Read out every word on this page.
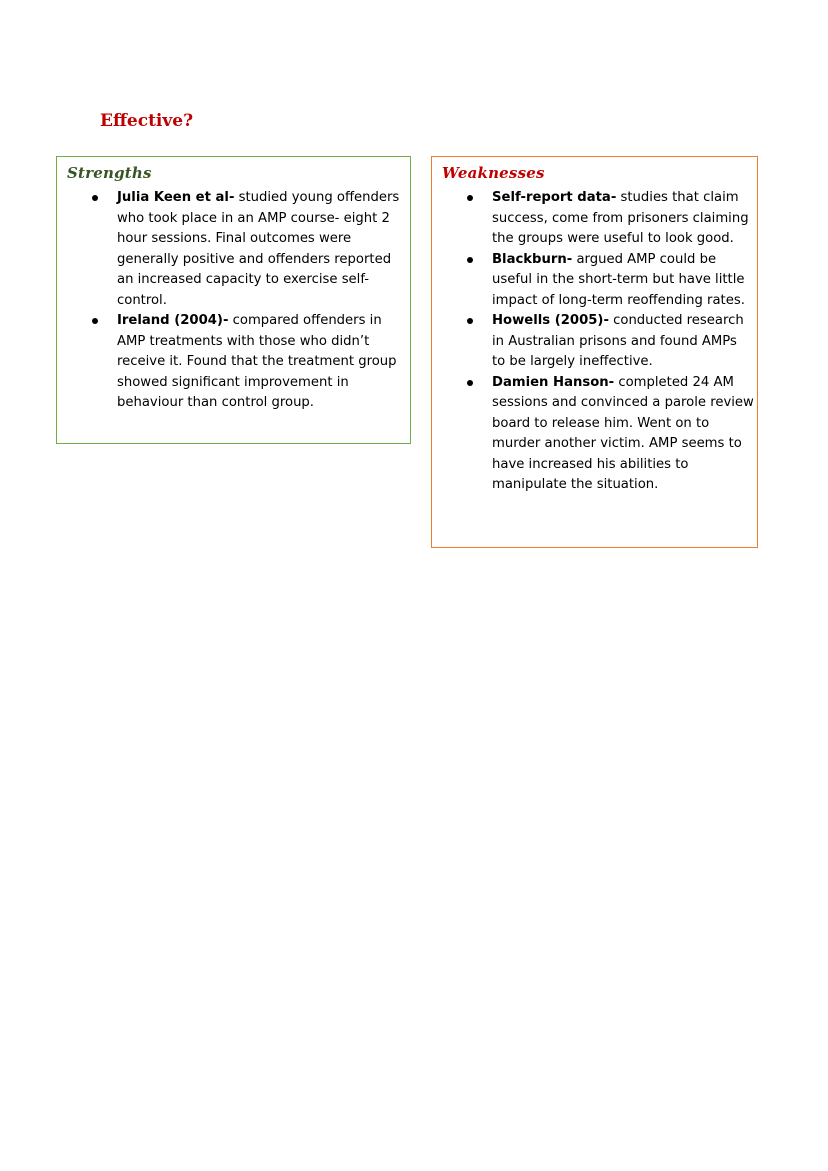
Effective?
Strengths
Julia Keen et al- studied young offenders who took place in an AMP course- eight 2 hour sessions. Final outcomes were generally positive and offenders reported an increased capacity to exercise self-control.
Ireland (2004)- compared offenders in AMP treatments with those who didn’t receive it. Found that the treatment group showed significant improvement in behaviour than control group.
Weaknesses
Self-report data- studies that claim success, come from prisoners claiming the groups were useful to look good.
Blackburn- argued AMP could be useful in the short-term but have little impact of long-term reoffending rates.
Howells (2005)- conducted research in Australian prisons and found AMPs to be largely ineffective.
Damien Hanson- completed 24 AM sessions and convinced a parole review board to release him. Went on to murder another victim. AMP seems to have increased his abilities to manipulate the situation.
